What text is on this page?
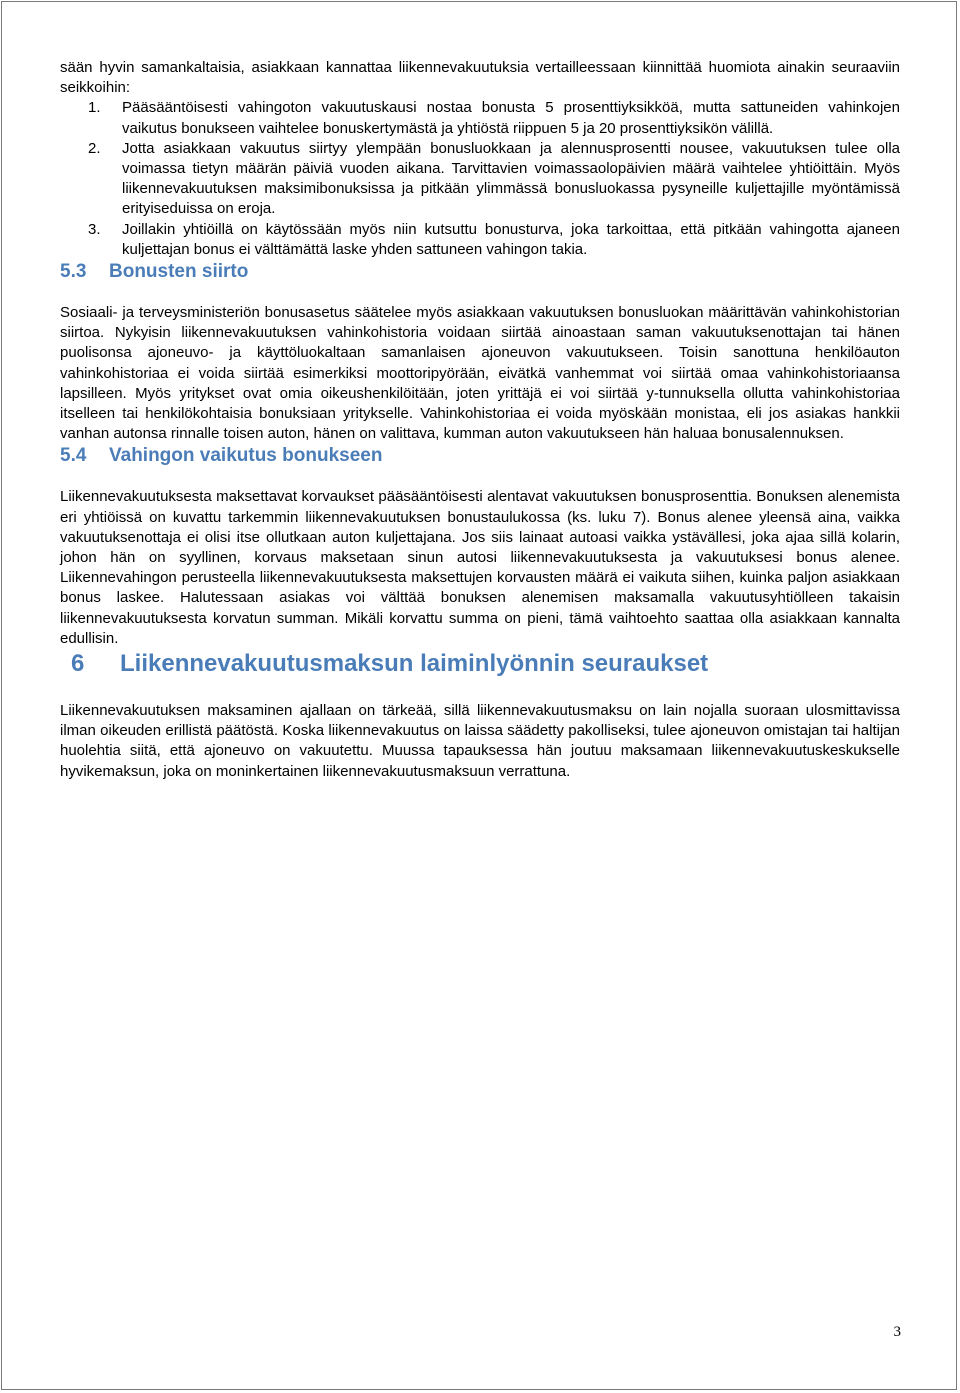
sään hyvin samankaltaisia, asiakkaan kannattaa liikennevakuutuksia vertailleessaan kiinnittää huomiota ainakin seuraaviin seikkoihin:

1. Pääsääntöisesti vahingoton vakuutuskausi nostaa bonusta 5 prosenttiyksikköä, mutta sattuneiden vahinkojen vaikutus bonukseen vaihtelee bonuskertymästä ja yhtiöstä riippuen 5 ja 20 prosenttiyksikön välillä.
2. Jotta asiakkaan vakuutus siirtyy ylempään bonusluokkaan ja alennusprosentti nousee, vakuutuksen tulee olla voimassa tietyn määrän päiviä vuoden aikana. Tarvittavien voimassaolopäivien määrä vaihtelee yhtiöittäin. Myös liikennevakuutuksen maksimibonuksissa ja pitkään ylimmässä bonusluokassa pysyneille kuljettajille myöntämissä erityiseduissa on eroja.
3. Joillakin yhtiöillä on käytössään myös niin kutsuttu bonusturva, joka tarkoittaa, että pitkään vahingotta ajaneen kuljettajan bonus ei välttämättä laske yhden sattuneen vahingon takia.
5.3	Bonusten siirto

Sosiaali- ja terveysministeriön bonusasetus säätelee myös asiakkaan vakuutuksen bonusluokan määrittävän vahinkohistorian siirtoa. Nykyisin liikennevakuutuksen vahinkohistoria voidaan siirtää ainoastaan saman vakuutuksenottajan tai hänen puolisonsa ajoneuvo- ja käyttöluokaltaan samanlaisen ajoneuvon vakuutukseen. Toisin sanottuna henkilöauton vahinkohistoriaa ei voida siirtää esimerkiksi moottoripyörään, eivätkä vanhemmat voi siirtää omaa vahinkohistoriaansa lapsilleen. Myös yritykset ovat omia oikeushenkilöitään, joten yrittäjä ei voi siirtää y-tunnuksella ollutta vahinkohistoriaa itselleen tai henkilökohtaisia bonuksiaan yritykselle. Vahinkohistoriaa ei voida myöskään monistaa, eli jos asiakas hankkii vanhan autonsa rinnalle toisen auton, hänen on valittava, kumman auton vakuutukseen hän haluaa bonusalennuksen.

5.4	Vahingon vaikutus bonukseen

Liikennevakuutuksesta maksettavat korvaukset pääsääntöisesti alentavat vakuutuksen bonusprosenttia. Bonuksen alenemista eri yhtiöissä on kuvattu tarkemmin liikennevakuutuksen bonustaulukossa (ks. luku 7). Bonus alenee yleensä aina, vaikka vakuutuksenottaja ei olisi itse ollutkaan auton kuljettajana. Jos siis lainaat autoasi vaikka ystävällesi, joka ajaa sillä kolarin, johon hän on syyllinen, korvaus maksetaan sinun autosi liikennevakuutuksesta ja vakuutuksesi bonus alenee. Liikennevahingon perusteella liikennevakuutuksesta maksettujen korvausten määrä ei vaikuta siihen, kuinka paljon asiakkaan bonus laskee. Halutessaan asiakas voi välttää bonuksen alenemisen maksamalla vakuutusyhtiölleen takaisin liikennevakuutuksesta korvatun summan. Mikäli korvattu summa on pieni, tämä vaihtoehto saattaa olla asiakkaan kannalta edullisin.

6	Liikennevakuutusmaksun laiminlyönnin seuraukset

Liikennevakuutuksen maksaminen ajallaan on tärkeää, sillä liikennevakuutusmaksu on lain nojalla suoraan ulosmittavissa ilman oikeuden erillistä päätöstä. Koska liikennevakuutus on laissa säädetty pakolliseksi, tulee ajoneuvon omistajan tai haltijan huolehtia siitä, että ajoneuvo on vakuutettu. Muussa tapauksessa hän joutuu maksamaan liikennevakuutuskeskukselle hyvikemaksun, joka on moninkertainen liikennevakuutusmaksuun verrattuna.

3
